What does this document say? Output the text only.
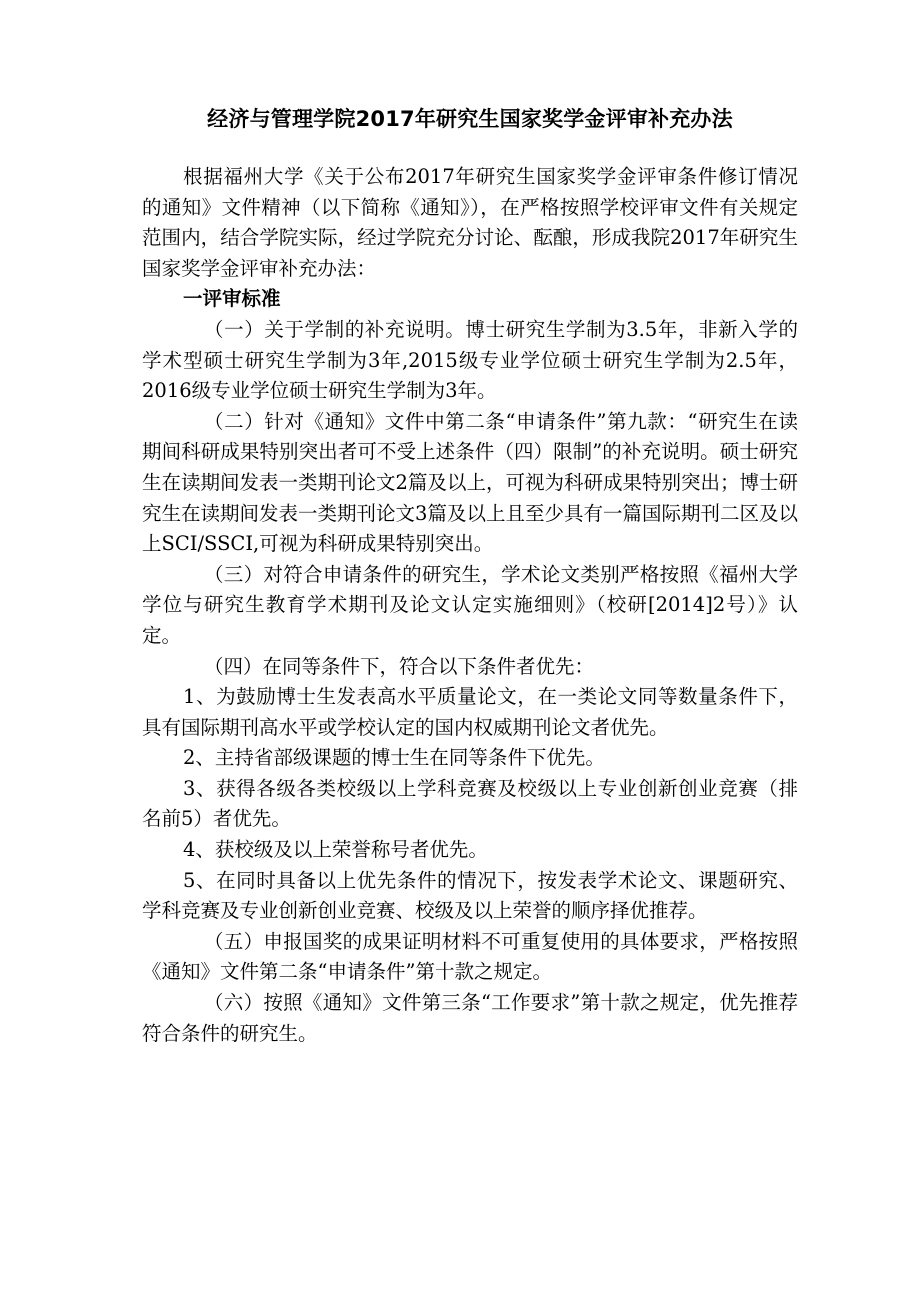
经济与管理学院2017年研究生国家奖学金评审补充办法

根据福州大学《关于公布2017年研究生国家奖学金评审条件修订情况的通知》文件精神（以下简称《通知》），在严格按照学校评审文件有关规定范围内，结合学院实际，经过学院充分讨论、酝酿，形成我院2017年研究生国家奖学金评审补充办法：

一评审标准

（一）关于学制的补充说明。博士研究生学制为3.5年，非新入学的学术型硕士研究生学制为3年,2015级专业学位硕士研究生学制为2.5年，2016级专业学位硕士研究生学制为3年。

（二）针对《通知》文件中第二条“申请条件”第九款：“研究生在读期间科研成果特别突出者可不受上述条件（四）限制”的补充说明。硕士研究生在读期间发表一类期刊论文2篇及以上，可视为科研成果特别突出；博士研究生在读期间发表一类期刊论文3篇及以上且至少具有一篇国际期刊二区及以上SCI/SSCI,可视为科研成果特别突出。

（三）对符合申请条件的研究生，学术论文类别严格按照《福州大学学位与研究生教育学术期刊及论文认定实施细则》（校研[2014]2号）》认定。

（四）在同等条件下，符合以下条件者优先：

1、为鼓励博士生发表高水平质量论文，在一类论文同等数量条件下，具有国际期刊高水平或学校认定的国内权威期刊论文者优先。

2、主持省部级课题的博士生在同等条件下优先。

3、获得各级各类校级以上学科竞赛及校级以上专业创新创业竞赛（排名前5）者优先。

4、获校级及以上荣誉称号者优先。

5、在同时具备以上优先条件的情况下，按发表学术论文、课题研究、学科竞赛及专业创新创业竞赛、校级及以上荣誉的顺序择优推荐。

（五）申报国奖的成果证明材料不可重复使用的具体要求，严格按照《通知》文件第二条“申请条件”第十款之规定。

（六）按照《通知》文件第三条“工作要求”第十款之规定，优先推荐符合条件的研究生。
